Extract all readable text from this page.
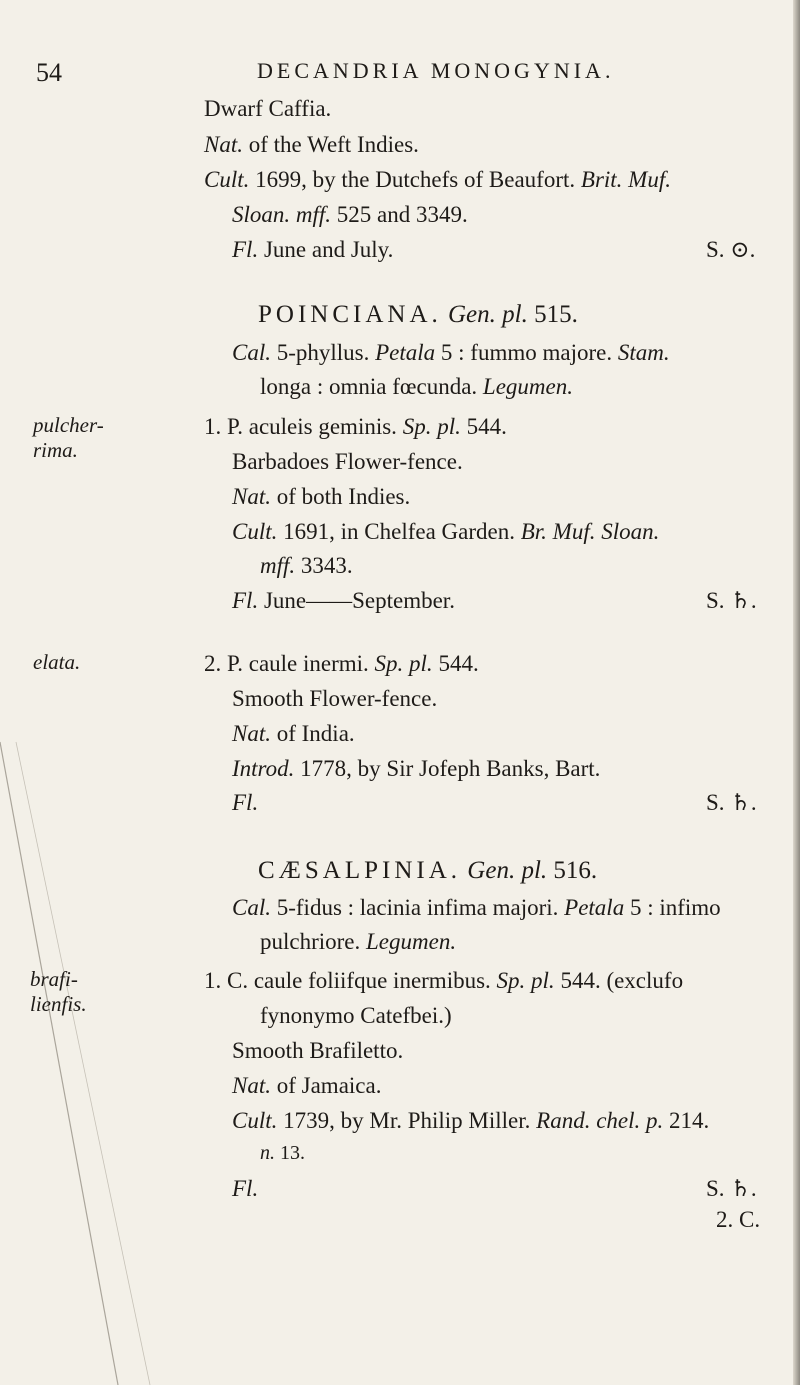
54	DECANDRIA MONOGYNIA.
Dwarf Caffia.
Nat. of the Weft Indies.
Cult. 1699, by the Dutchefs of Beaufort. Brit. Muf.
Sloan. mff. 525 and 3349.
Fl. June and July.	S. ⊙.
POINCIANA. Gen. pl. 515.
Cal. 5-phyllus. Petala 5 : fummo majore. Stam.
longa : omnia fœcunda. Legumen.
pulcher-
rima.
1. P. aculeis geminis. Sp. pl. 544.
Barbadoes Flower-fence.
Nat. of both Indies.
Cult. 1691, in Chelfea Garden. Br. Muf. Sloan.
mff. 3343.
Fl. June——September.	S. ♄.
elata.	2. P. caule inermi. Sp. pl. 544.
Smooth Flower-fence.
Nat. of India.
Introd. 1778, by Sir Jofeph Banks, Bart.
Fl.	S. ♄.
CÆSALPINIA. Gen. pl. 516.
Cal. 5-fidus : lacinia infima majori. Petala 5 : infimo
pulchriore. Legumen.
brafi-
lienfis.
1. C. caule foliifque inermibus. Sp. pl. 544. (exclufo
fynonymo Catefbei.)
Smooth Brafiletto.
Nat. of Jamaica.
Cult. 1739, by Mr. Philip Miller. Rand. chel. p. 214.
n. 13.
Fl.	S. ♄.
2. C.
